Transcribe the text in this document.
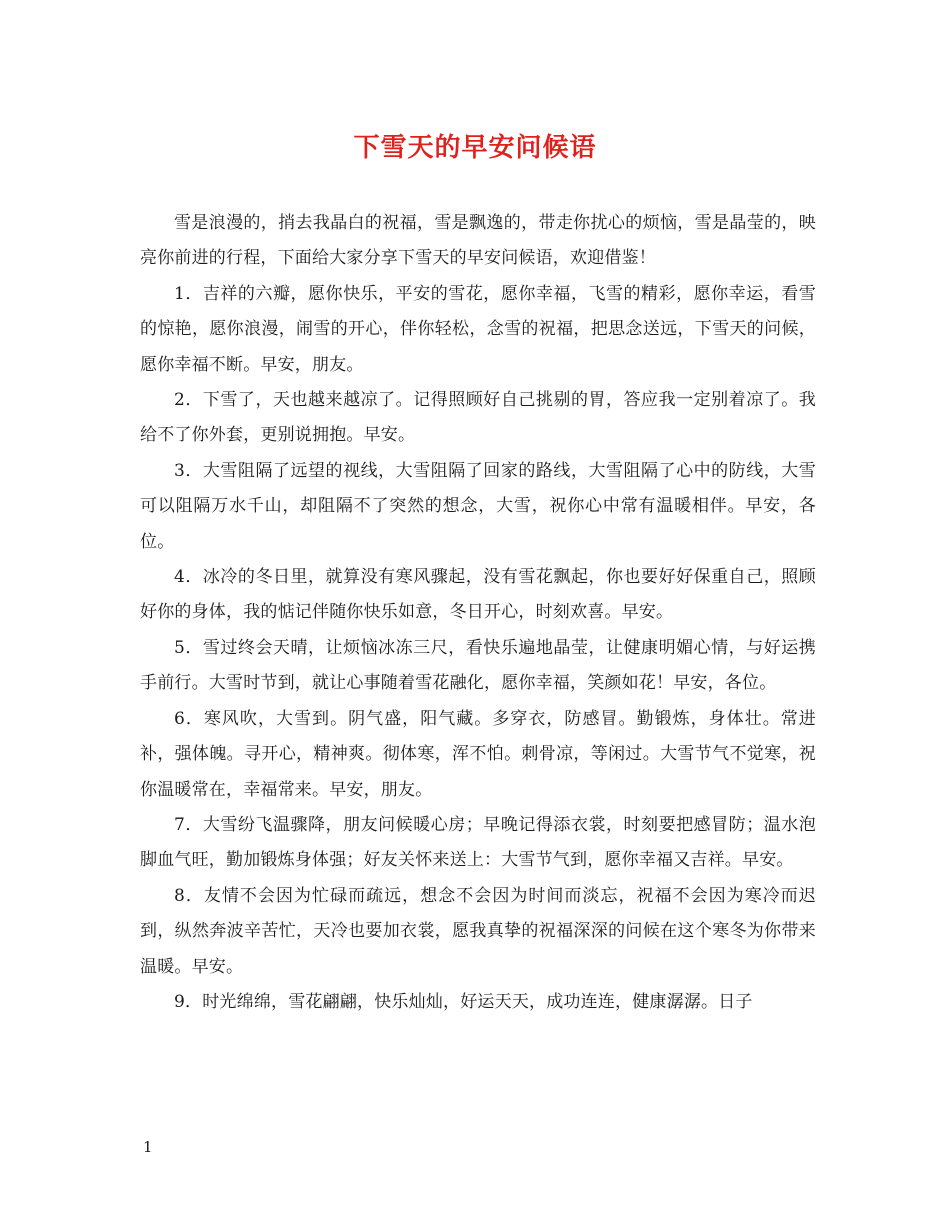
下雪天的早安问候语

雪是浪漫的，捎去我晶白的祝福，雪是飘逸的，带走你扰心的烦恼，雪是晶莹的，映亮你前进的行程，下面给大家分享下雪天的早安问候语，欢迎借鉴！

1．吉祥的六瓣，愿你快乐，平安的雪花，愿你幸福，飞雪的精彩，愿你幸运，看雪的惊艳，愿你浪漫，闹雪的开心，伴你轻松，念雪的祝福，把思念送远，下雪天的问候，愿你幸福不断。早安，朋友。

2．下雪了，天也越来越凉了。记得照顾好自己挑剔的胃，答应我一定别着凉了。我给不了你外套，更别说拥抱。早安。

3．大雪阻隔了远望的视线，大雪阻隔了回家的路线，大雪阻隔了心中的防线，大雪可以阻隔万水千山，却阻隔不了突然的想念，大雪，祝你心中常有温暖相伴。早安，各位。

4．冰冷的冬日里，就算没有寒风骤起，没有雪花飘起，你也要好好保重自己，照顾好你的身体，我的惦记伴随你快乐如意，冬日开心，时刻欢喜。早安。

5．雪过终会天晴，让烦恼冰冻三尺，看快乐遍地晶莹，让健康明媚心情，与好运携手前行。大雪时节到，就让心事随着雪花融化，愿你幸福，笑颜如花！早安，各位。

6．寒风吹，大雪到。阴气盛，阳气藏。多穿衣，防感冒。勤锻炼，身体壮。常进补，强体魄。寻开心，精神爽。彻体寒，浑不怕。刺骨凉，等闲过。大雪节气不觉寒，祝你温暖常在，幸福常来。早安，朋友。

7．大雪纷飞温骤降，朋友问候暖心房；早晚记得添衣裳，时刻要把感冒防；温水泡脚血气旺，勤加锻炼身体强；好友关怀来送上：大雪节气到，愿你幸福又吉祥。早安。

8．友情不会因为忙碌而疏远，想念不会因为时间而淡忘，祝福不会因为寒冷而迟到，纵然奔波辛苦忙，天冷也要加衣裳，愿我真挚的祝福深深的问候在这个寒冬为你带来温暖。早安。

9．时光绵绵，雪花翩翩，快乐灿灿，好运天天，成功连连，健康潺潺。日子

1
